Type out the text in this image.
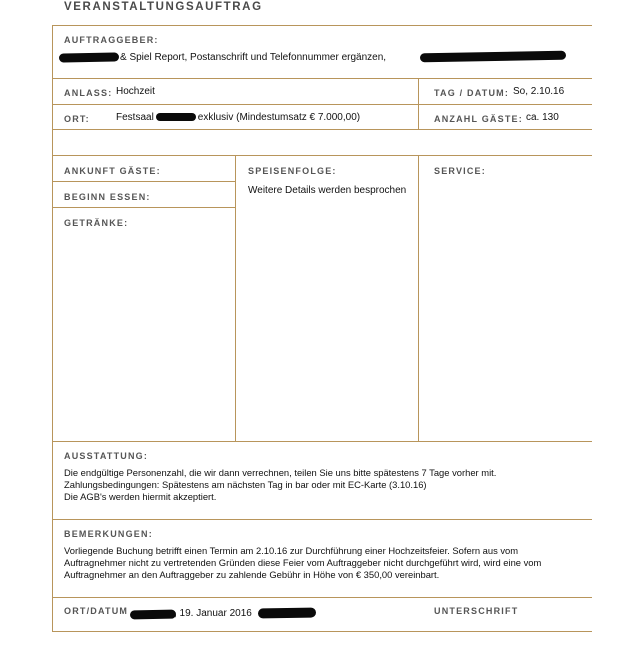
VERANSTALTUNGSAUFTRAG
AUFTRAGGEBER:
& Spiel Report, Postanschrift und Telefonnummer ergänzen,
ANLASS: Hochzeit	TAG / DATUM: So, 2.10.16
ORT:	Festsaal	exklusiv (Mindestumsatz € 7.000,00)	ANZAHL GÄSTE: ca. 130
ANKUNFT GÄSTE:
BEGINN ESSEN:
GETRÄNKE:
SPEISENFOLGE:
Weitere Details werden besprochen
SERVICE:
AUSSTATTUNG:
Die endgültige Personenzahl, die wir dann verrechnen, teilen Sie uns bitte spätestens 7 Tage vorher mit.
Zahlungsbedingungen: Spätestens am nächsten Tag in bar oder mit EC-Karte (3.10.16)
Die AGB's werden hiermit akzeptiert.
BEMERKUNGEN:
Vorliegende Buchung betrifft einen Termin am 2.10.16 zur Durchführung einer Hochzeitsfeier. Sofern aus vom
Auftragnehmer nicht zu vertretenden Gründen diese Feier vom Auftraggeber nicht durchgeführt wird, wird eine vom
Auftragnehmer an den Auftraggeber zu zahlende Gebühr in Höhe von € 350,00 vereinbart.
ORT/DATUM	, 19. Januar 2016	UNTERSCHRIFT
